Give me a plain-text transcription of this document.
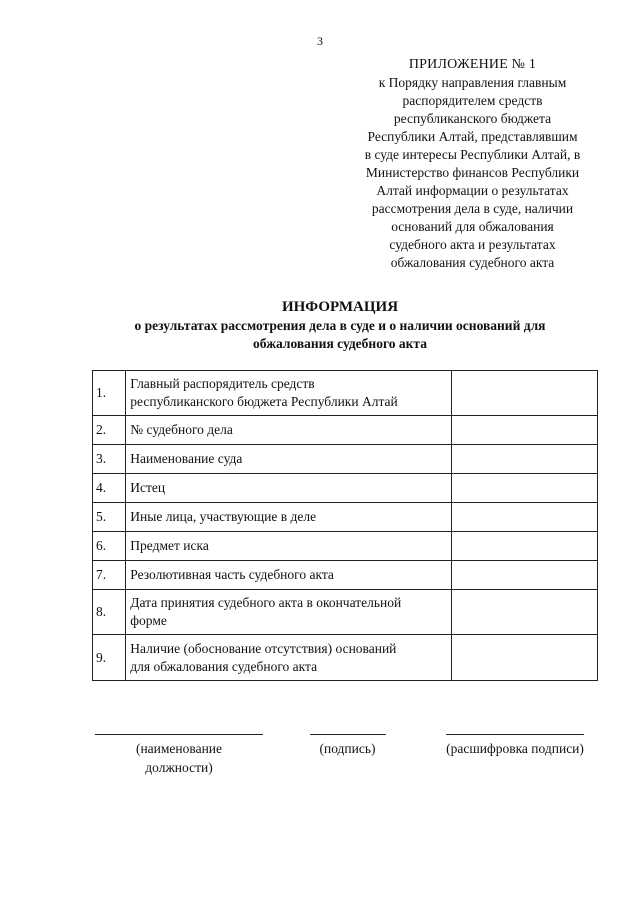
3
ПРИЛОЖЕНИЕ № 1
к Порядку направления главным
распорядителем средств
республиканского бюджета
Республики Алтай, представлявшим
в суде интересы Республики Алтай, в
Министерство финансов Республики
Алтай информации о результатах
рассмотрения дела в суде, наличии
оснований для обжалования
судебного акта и результатах
обжалования судебного акта
ИНФОРМАЦИЯ
о результатах рассмотрения дела в суде и о наличии оснований для
обжалования судебного акта
1.	Главный распорядитель средств
республиканского бюджета Республики Алтай	

2.	№ судебного дела	

3.	Наименование суда	

4.	Истец	

5.	Иные лица, участвующие в деле	

6.	Предмет иска	

7.	Резолютивная часть судебного акта	

8.	Дата принятия судебного акта в окончательной
форме	

9.	Наличие (обоснование отсутствия) оснований
для обжалования судебного акта	

(наименование
должности)
(подпись)	(расшифровка подписи)
